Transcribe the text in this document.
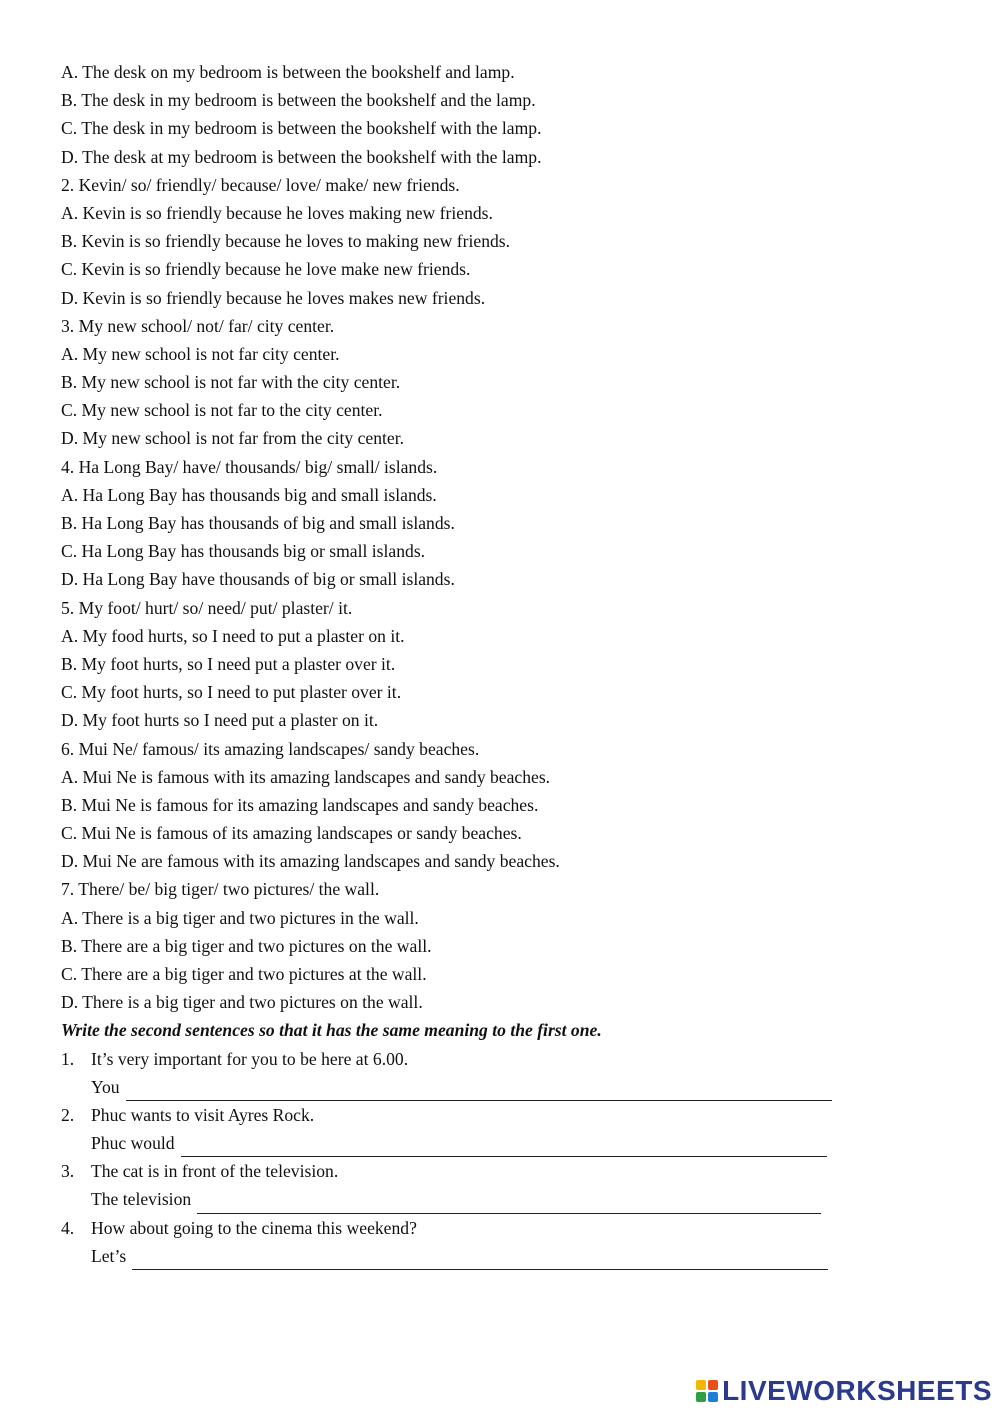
A. The desk on my bedroom is between the bookshelf and lamp.
B. The desk in my bedroom is between the bookshelf and the lamp.
C. The desk in my bedroom is between the bookshelf with the lamp.
D. The desk at my bedroom is between the bookshelf with the lamp.
2. Kevin/ so/ friendly/ because/ love/ make/ new friends.
A. Kevin is so friendly because he loves making new friends.
B. Kevin is so friendly because he loves to making new friends.
C. Kevin is so friendly because he love make new friends.
D. Kevin is so friendly because he loves makes new friends.
3. My new school/ not/ far/ city center.
A. My new school is not far city center.
B. My new school is not far with the city center.
C. My new school is not far to the city center.
D. My new school is not far from the city center.
4. Ha Long Bay/ have/ thousands/ big/ small/ islands.
A. Ha Long Bay has thousands big and small islands.
B. Ha Long Bay has thousands of big and small islands.
C. Ha Long Bay has thousands big or small islands.
D. Ha Long Bay have thousands of big or small islands.
5. My foot/ hurt/ so/ need/ put/ plaster/ it.
A. My food hurts, so I need to put a plaster on it.
B. My foot hurts, so I need put a plaster over it.
C. My foot hurts, so I need to put plaster over it.
D. My foot hurts so I need put a plaster on it.
6. Mui Ne/ famous/ its amazing landscapes/ sandy beaches.
A. Mui Ne is famous with its amazing landscapes and sandy beaches.
B. Mui Ne is famous for its amazing landscapes and sandy beaches.
C. Mui Ne is famous of its amazing landscapes or sandy beaches.
D. Mui Ne are famous with its amazing landscapes and sandy beaches.
7. There/ be/ big tiger/ two pictures/ the wall.
A. There is a big tiger and two pictures in the wall.
B. There are a big tiger and two pictures on the wall.
C. There are a big tiger and two pictures at the wall.
D. There is a big tiger and two pictures on the wall.
Write the second sentences so that it has the same meaning to the first one.
1. It’s very important for you to be here at 6.00.
You
2. Phuc wants to visit Ayres Rock.
Phuc would
3. The cat is in front of the television.
The television
4. How about going to the cinema this weekend?
Let’s
LIVEWORKSHEETS
